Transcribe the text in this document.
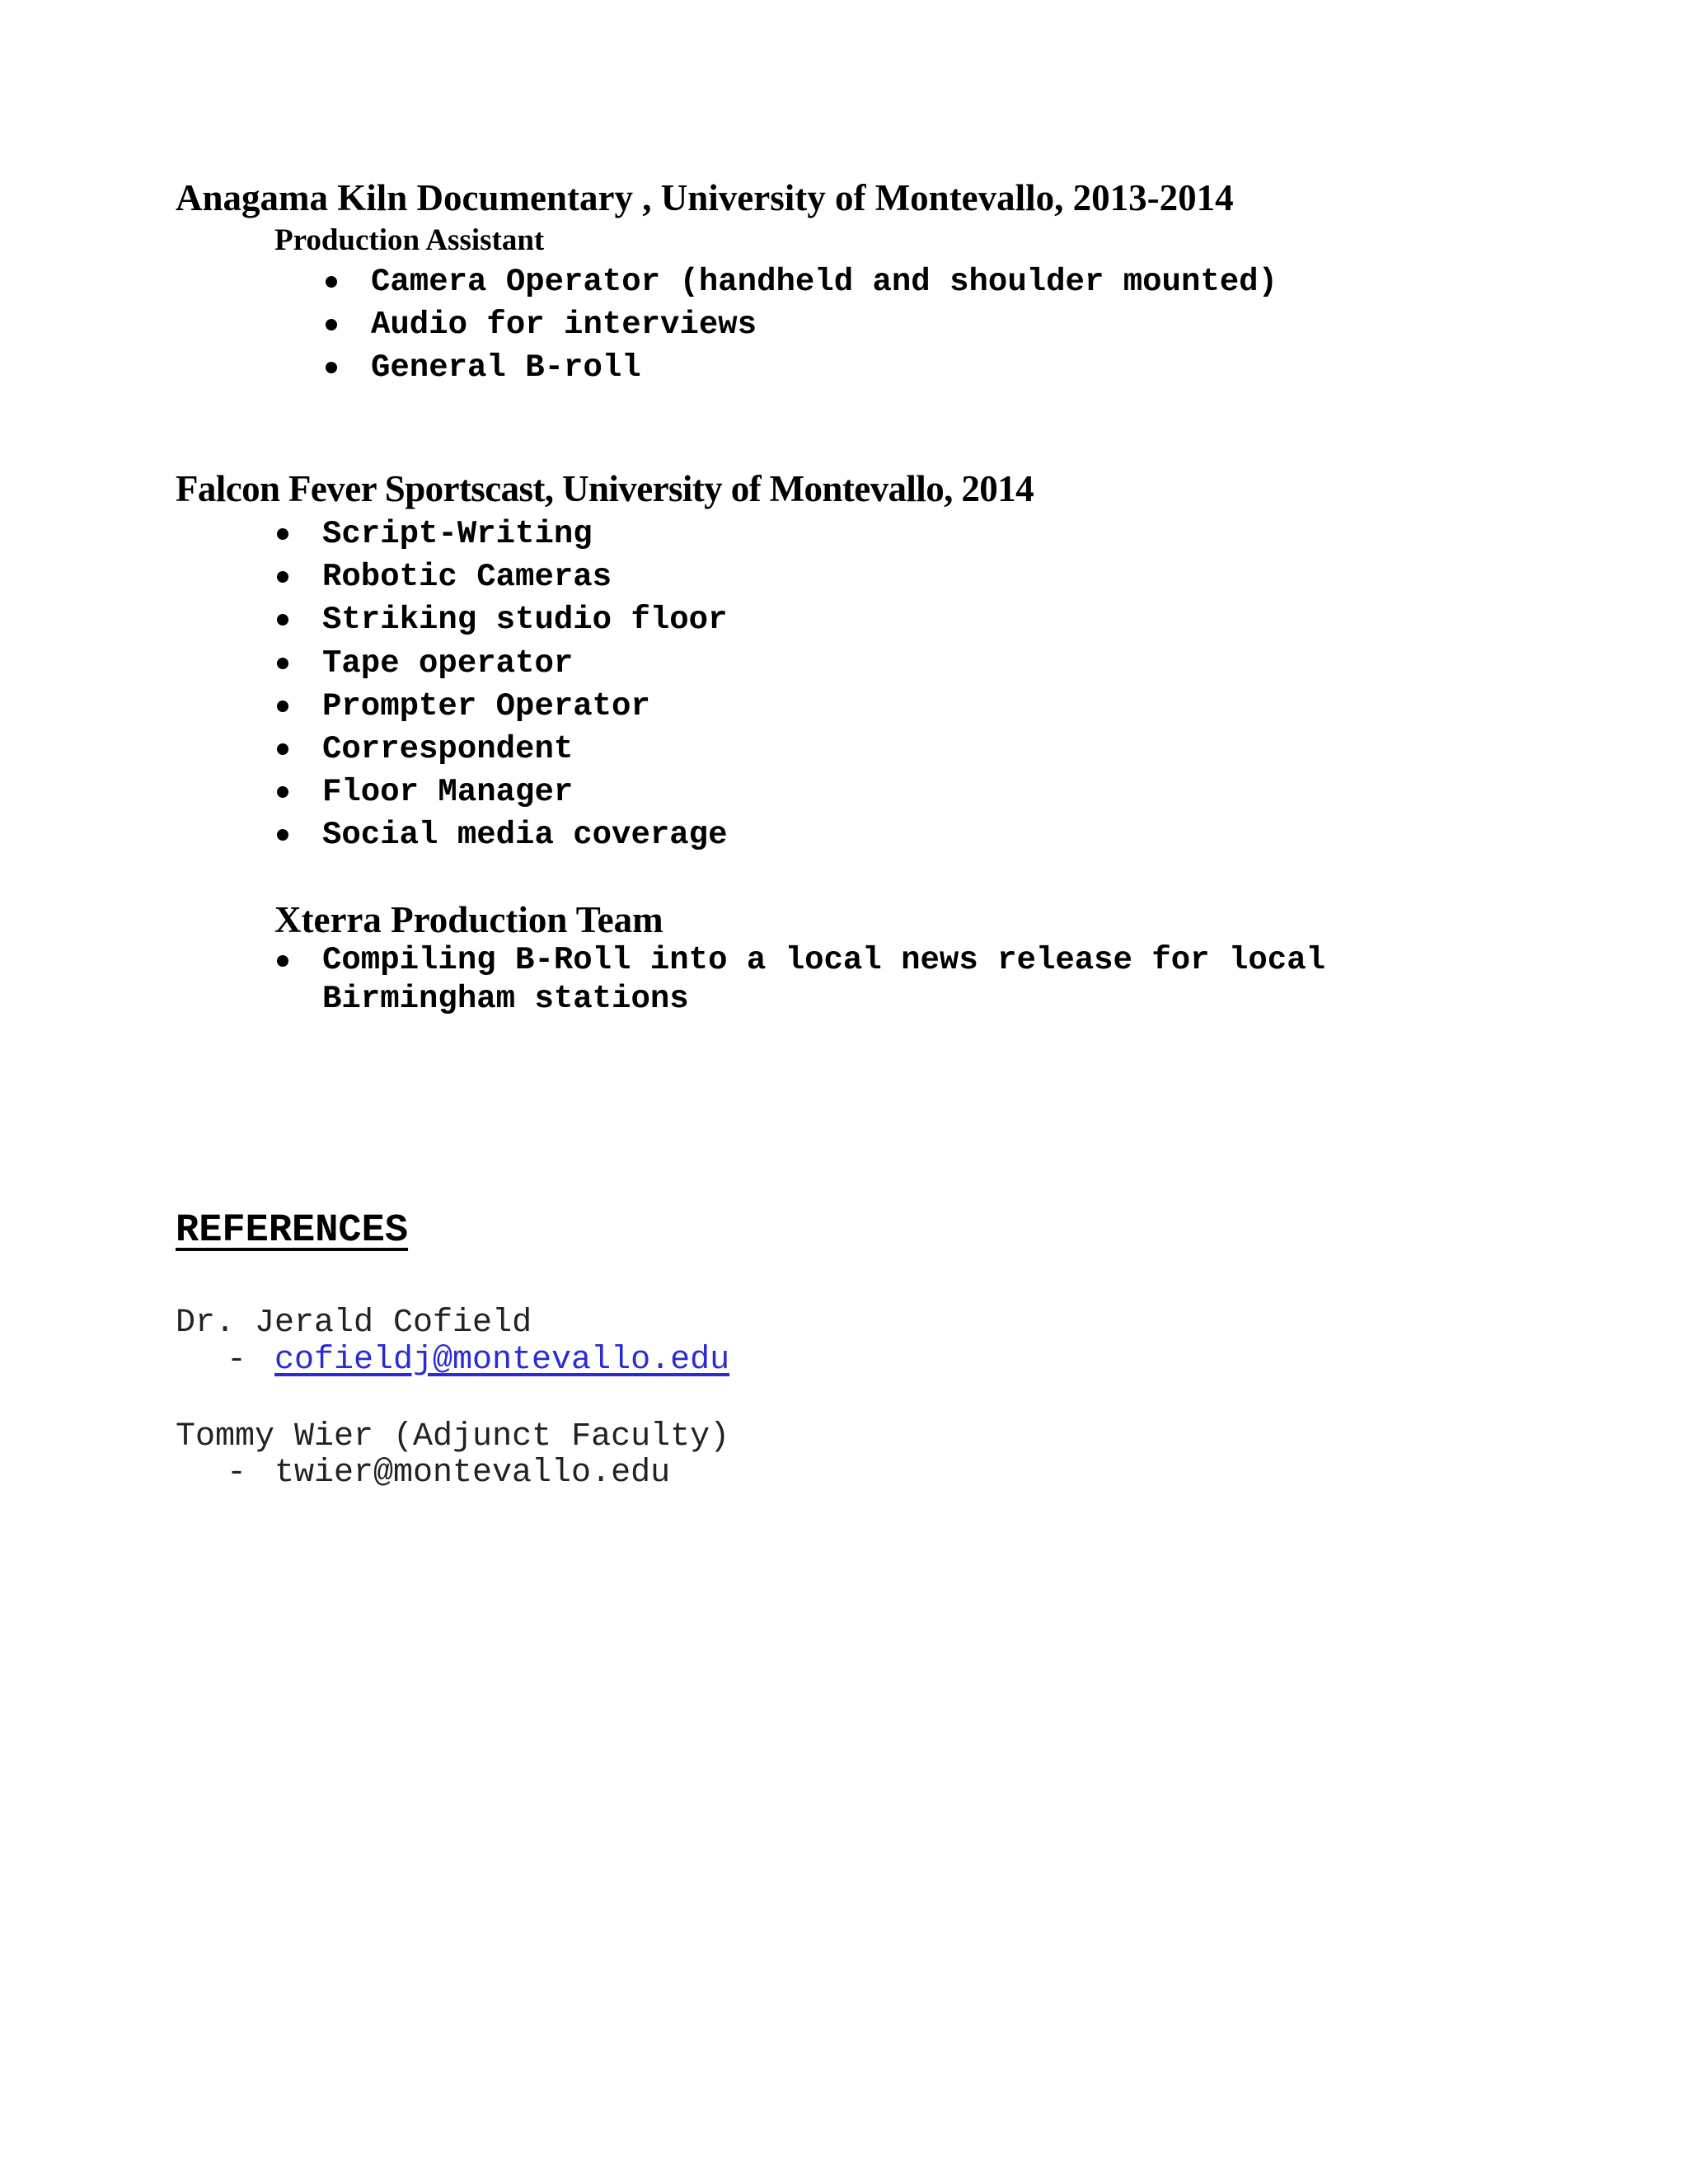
Anagama Kiln Documentary , University of Montevallo, 2013-2014
Production Assistant
Camera Operator (handheld and shoulder mounted)
Audio for interviews
General B-roll
Falcon Fever Sportscast, University of Montevallo, 2014
Script-Writing
Robotic Cameras
Striking studio floor
Tape operator
Prompter Operator
Correspondent
Floor Manager
Social media coverage
Xterra Production Team
Compiling B-Roll into a local news release for local
Birmingham stations
REFERENCES
Dr. Jerald Cofield
- cofieldj@montevallo.edu
Tommy Wier (Adjunct Faculty)
- twier@montevallo.edu
